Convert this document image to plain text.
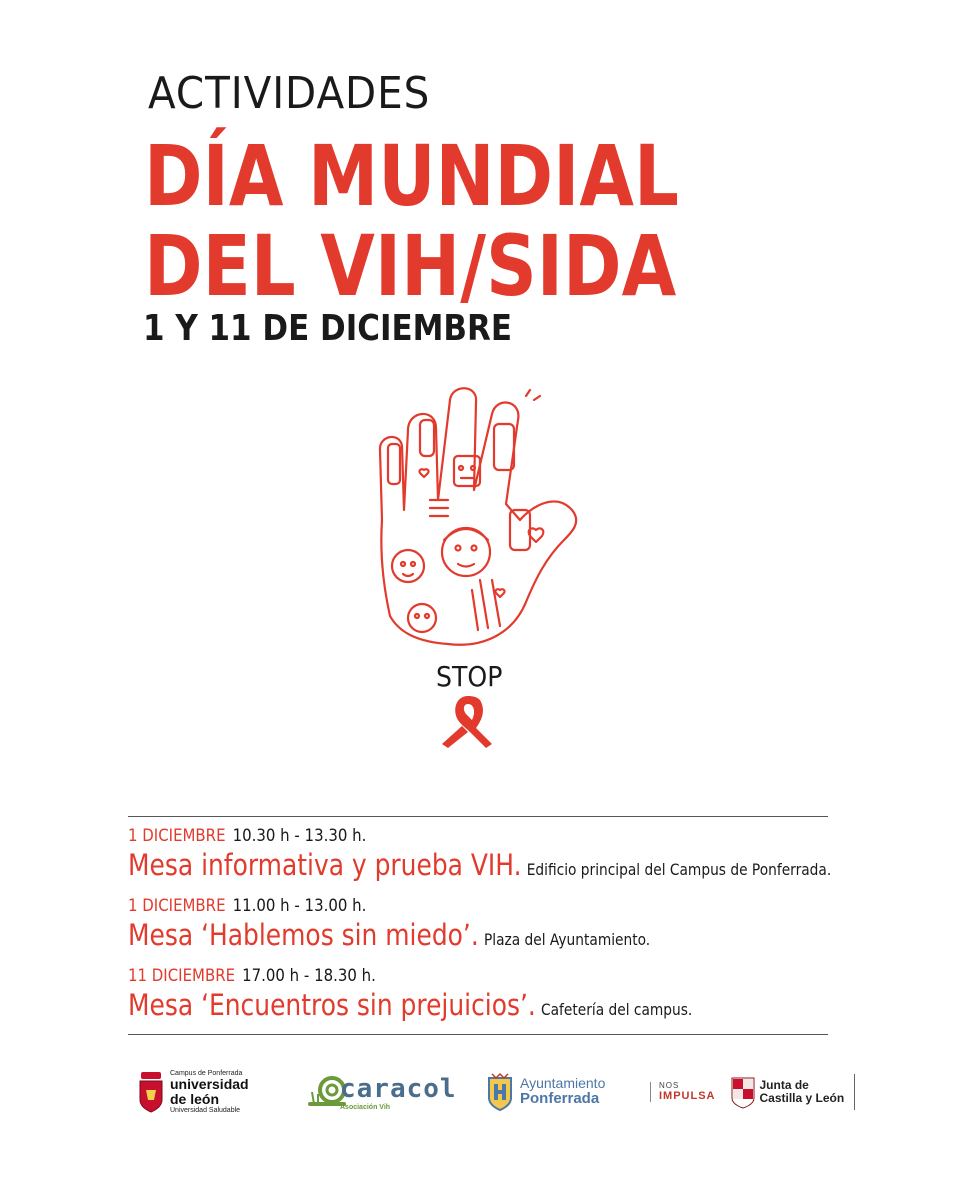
ACTIVIDADES
DÍA MUNDIAL
DEL VIH/SIDA
1 Y 11 DE DICIEMBRE
STOP
1 DICIEMBRE 10.30 h - 13.30 h.
Mesa informativa y prueba VIH. Edificio principal del Campus de Ponferrada.
1 DICIEMBRE 11.00 h - 13.00 h.
Mesa ‘Hablemos sin miedo’. Plaza del Ayuntamiento.
11 DICIEMBRE 17.00 h - 18.30 h.
Mesa ‘Encuentros sin prejuicios’. Cafetería del campus.
Campus de Ponferrada
universidad
de león
Universidad Saludable
caracol
Asociación Vih
Ayuntamiento
Ponferrada
NOS
IMPULSA
Junta de
Castilla y León
